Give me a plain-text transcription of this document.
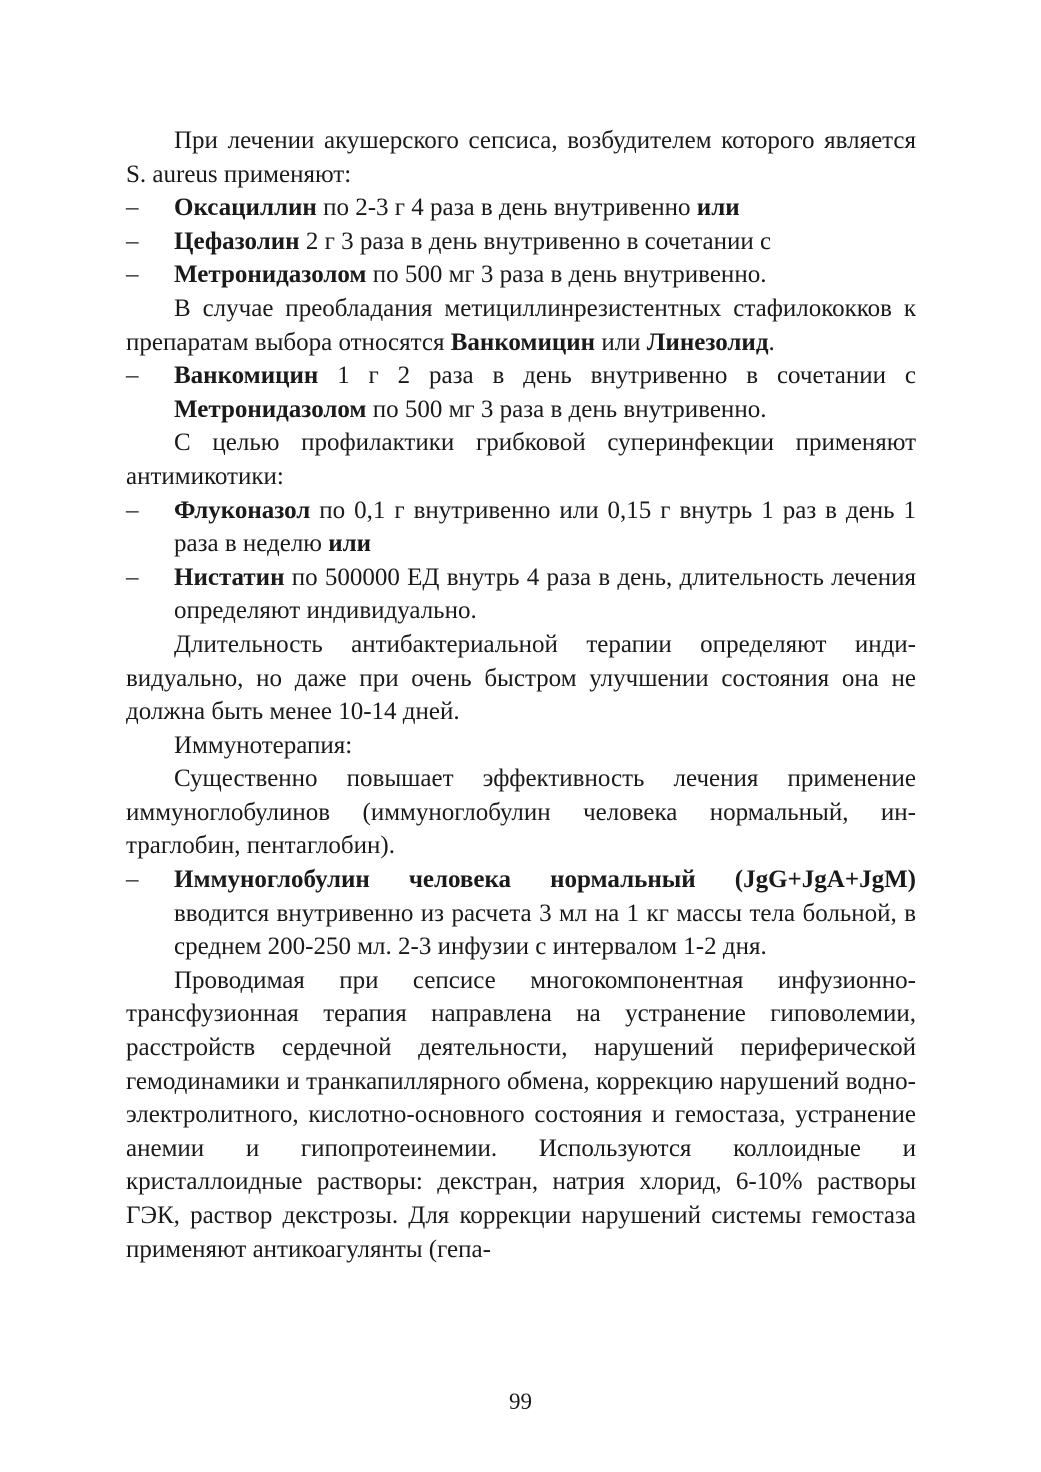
При лечении акушерского сепсиса, возбудителем которого является S. aureus применяют:

– Оксациллин по 2-3 г 4 раза в день внутривенно или

– Цефазолин 2 г 3 раза в день внутривенно в сочетании с

– Метронидазолом по 500 мг 3 раза в день внутривенно.

В случае преобладания метициллинрезистентных стафилококков к препаратам выбора относятся Ванкомицин или Линезолид.

– Ванкомицин 1 г 2 раза в день внутривенно в сочетании с Метронидазолом по 500 мг 3 раза в день внутривенно.

С целью профилактики грибковой суперинфекции применяют антимикотики:

– Флуконазол по 0,1 г внутривенно или 0,15 г внутрь 1 раз в день 1 раза в неделю или

– Нистатин по 500000 ЕД внутрь 4 раза в день, длительность лечения определяют индивидуально.

Длительность антибактериальной терапии определяют индивидуально, но даже при очень быстром улучшении состояния она не должна быть менее 10-14 дней.

Иммунотерапия:

Существенно повышает эффективность лечения применение иммуноглобулинов (иммуноглобулин человека нормальный, интраглобин, пентаглобин).

– Иммуноглобулин человека нормальный (JgG+JgA+JgM) вводится внутривенно из расчета 3 мл на 1 кг массы тела больной, в среднем 200-250 мл. 2-3 инфузии с интервалом 1-2 дня.

Проводимая при сепсисе многокомпонентная инфузионно-трансфузионная терапия направлена на устранение гиповолемии, расстройств сердечной деятельности, нарушений периферической гемодинамики и транкапиллярного обмена, коррекцию нарушений водно-электролитного, кислотно-основного состояния и гемостаза, устранение анемии и гипопротеинемии. Используются коллоидные и кристаллоидные растворы: декстран, натрия хлорид, 6-10% растворы ГЭК, раствор декстрозы. Для коррекции нарушений системы гемостаза применяют антикоагулянты (гепа-

99
